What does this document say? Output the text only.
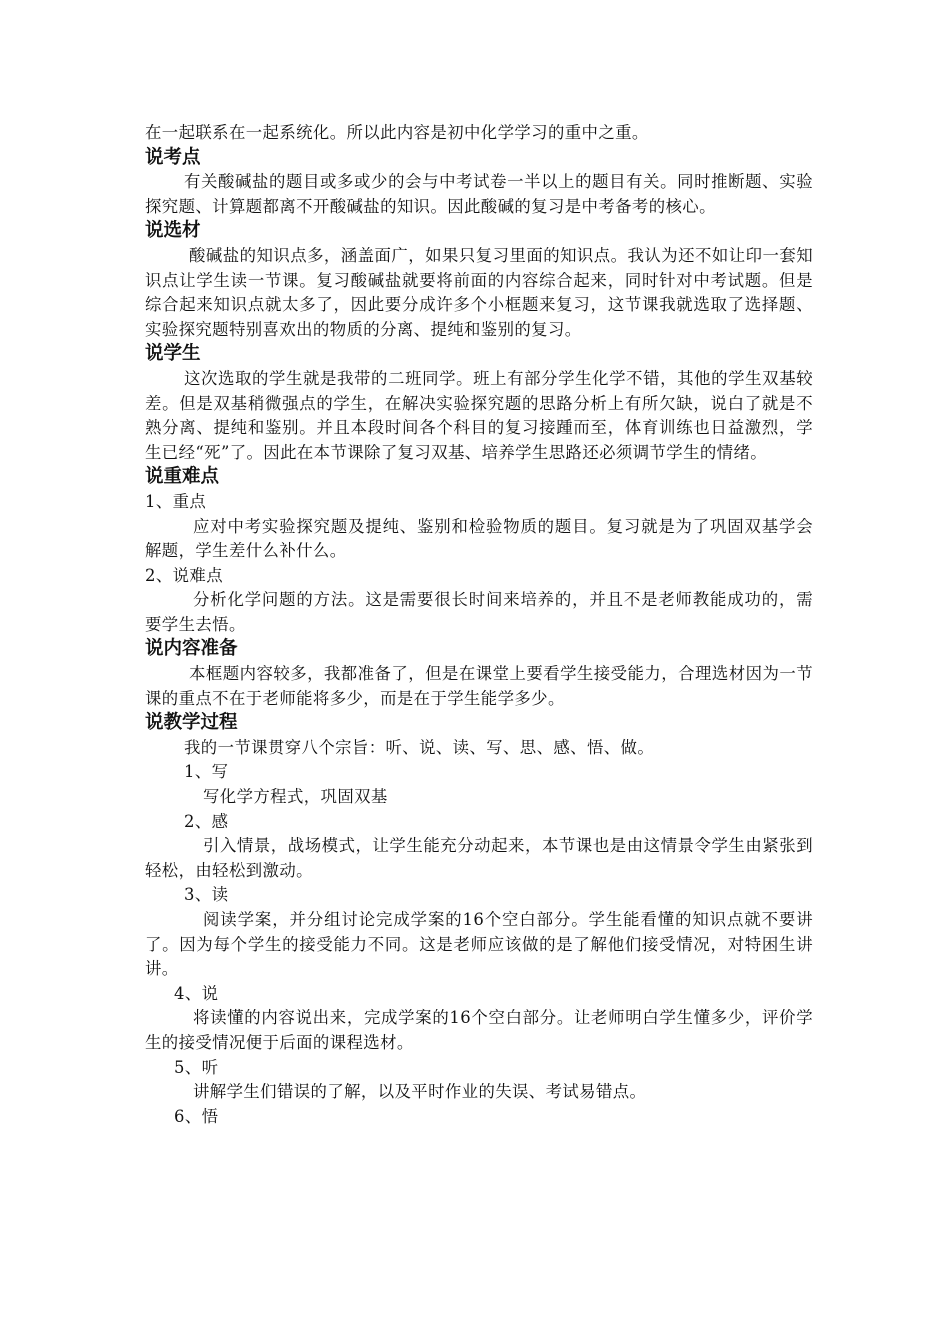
在一起联系在一起系统化。所以此内容是初中化学学习的重中之重。

说考点

有关酸碱盐的题目或多或少的会与中考试卷一半以上的题目有关。同时推断题、实验探究题、计算题都离不开酸碱盐的知识。因此酸碱的复习是中考备考的核心。

说选材

酸碱盐的知识点多，涵盖面广，如果只复习里面的知识点。我认为还不如让印一套知识点让学生读一节课。复习酸碱盐就要将前面的内容综合起来，同时针对中考试题。但是综合起来知识点就太多了，因此要分成许多个小框题来复习，这节课我就选取了选择题、实验探究题特别喜欢出的物质的分离、提纯和鉴别的复习。

说学生

这次选取的学生就是我带的二班同学。班上有部分学生化学不错，其他的学生双基较差。但是双基稍微强点的学生，在解决实验探究题的思路分析上有所欠缺，说白了就是不熟分离、提纯和鉴别。并且本段时间各个科目的复习接踵而至，体育训练也日益激烈，学生已经“死”了。因此在本节课除了复习双基、培养学生思路还必须调节学生的情绪。

说重难点

1、重点

应对中考实验探究题及提纯、鉴别和检验物质的题目。复习就是为了巩固双基学会解题，学生差什么补什么。

2、说难点

分析化学问题的方法。这是需要很长时间来培养的，并且不是老师教能成功的，需要学生去悟。

说内容准备

本框题内容较多，我都准备了，但是在课堂上要看学生接受能力，合理选材因为一节课的重点不在于老师能将多少，而是在于学生能学多少。

说教学过程

我的一节课贯穿八个宗旨：听、说、读、写、思、感、悟、做。

1、写

写化学方程式，巩固双基

2、感

引入情景，战场模式，让学生能充分动起来，本节课也是由这情景令学生由紧张到轻松，由轻松到激动。

3、读

阅读学案，并分组讨论完成学案的16个空白部分。学生能看懂的知识点就不要讲了。因为每个学生的接受能力不同。这是老师应该做的是了解他们接受情况，对特困生讲讲。

4、说

将读懂的内容说出来，完成学案的16个空白部分。让老师明白学生懂多少，评价学生的接受情况便于后面的课程选材。

5、听

讲解学生们错误的了解，以及平时作业的失误、考试易错点。

6、悟
